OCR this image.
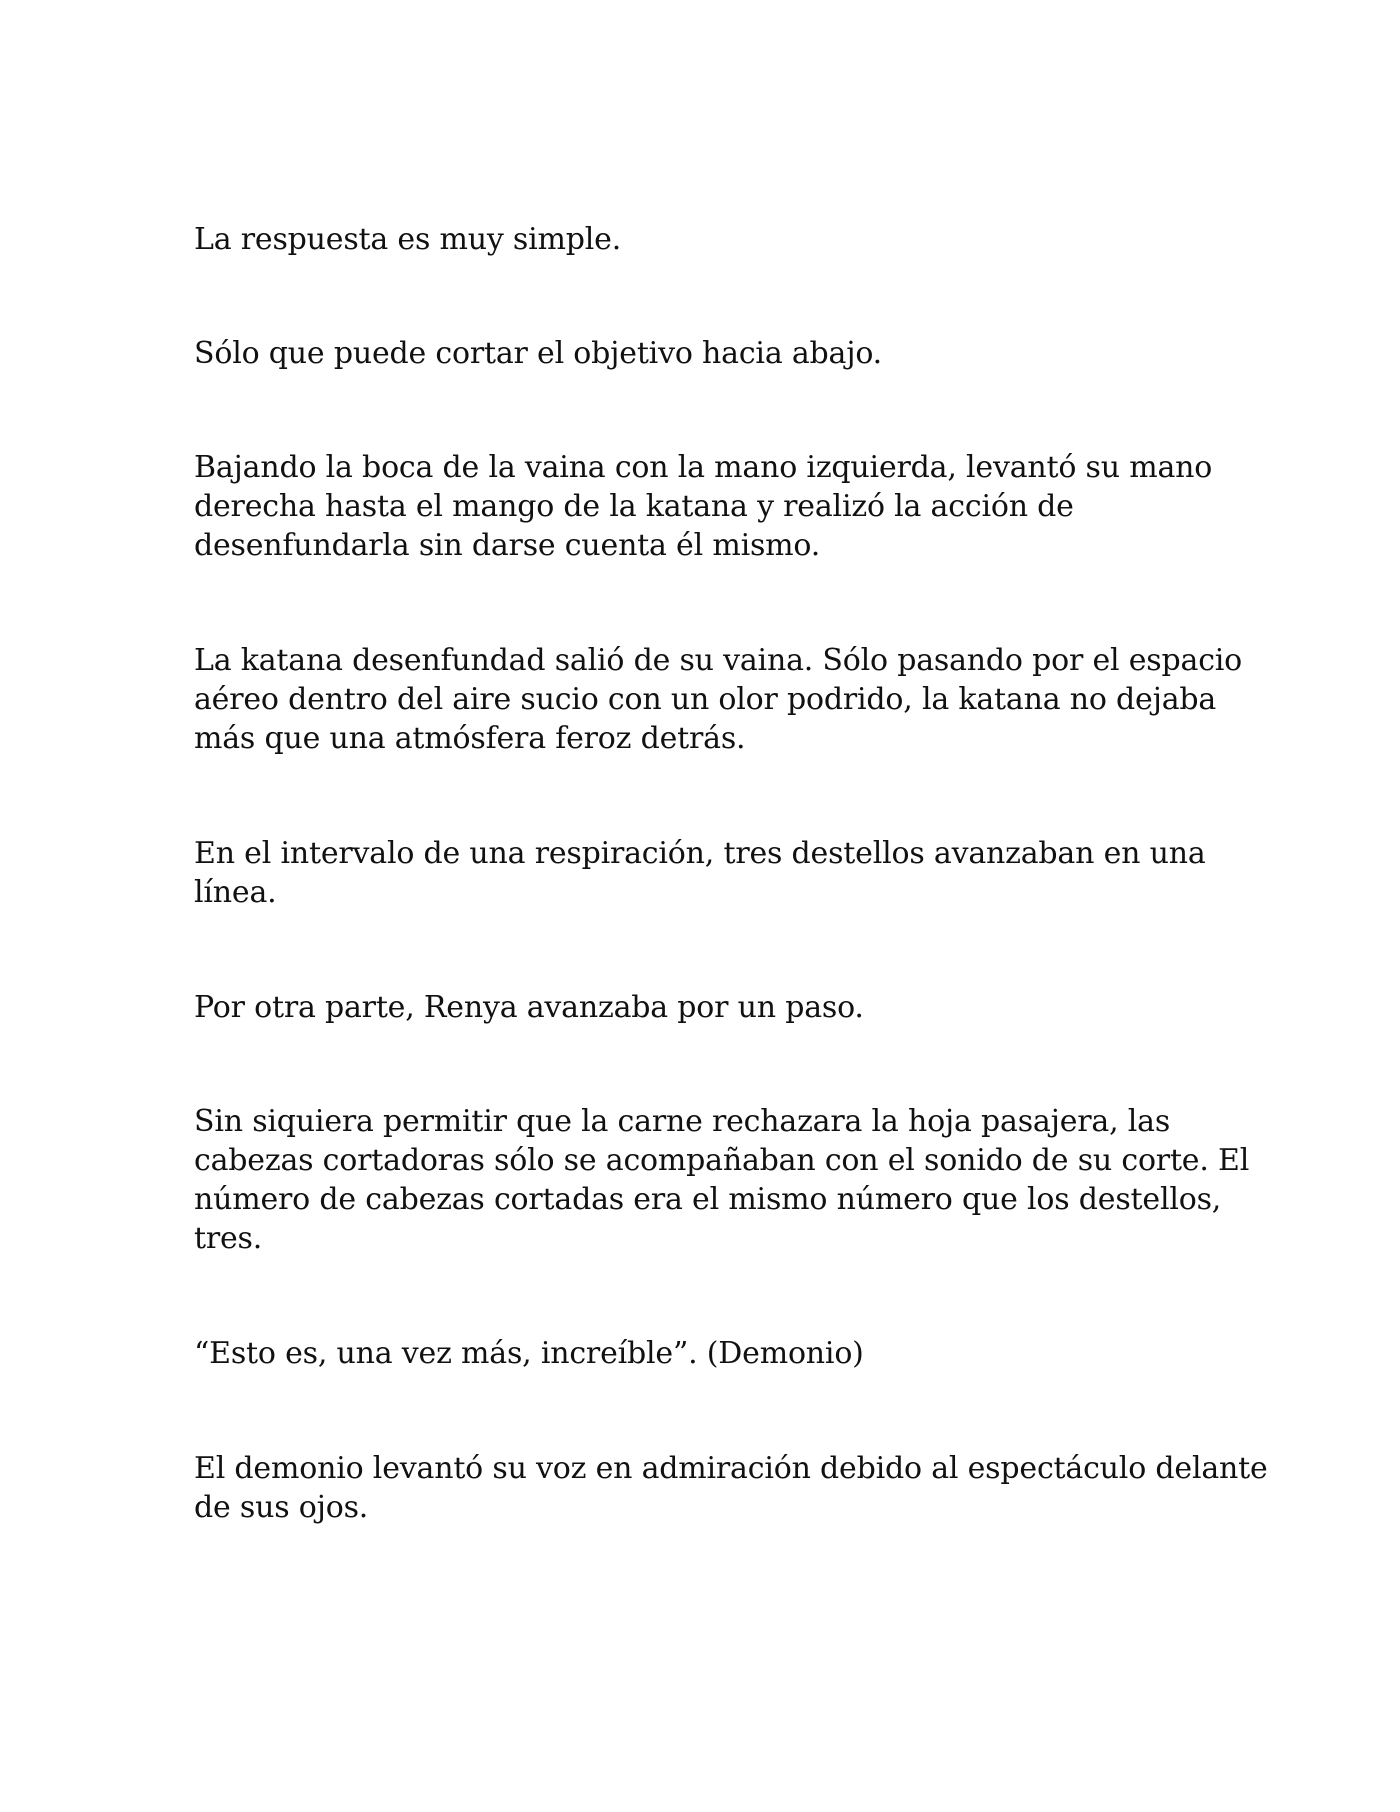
La respuesta es muy simple.

Sólo que puede cortar el objetivo hacia abajo.

Bajando la boca de la vaina con la mano izquierda, levantó su mano
derecha hasta el mango de la katana y realizó la acción de
desenfundarla sin darse cuenta él mismo.

La katana desenfundad salió de su vaina. Sólo pasando por el espacio
aéreo dentro del aire sucio con un olor podrido, la katana no dejaba
más que una atmósfera feroz detrás.

En el intervalo de una respiración, tres destellos avanzaban en una
línea.

Por otra parte, Renya avanzaba por un paso.

Sin siquiera permitir que la carne rechazara la hoja pasajera, las
cabezas cortadoras sólo se acompañaban con el sonido de su corte. El
número de cabezas cortadas era el mismo número que los destellos,
tres.

“Esto es, una vez más, increíble”. (Demonio)

El demonio levantó su voz en admiración debido al espectáculo delante
de sus ojos.
